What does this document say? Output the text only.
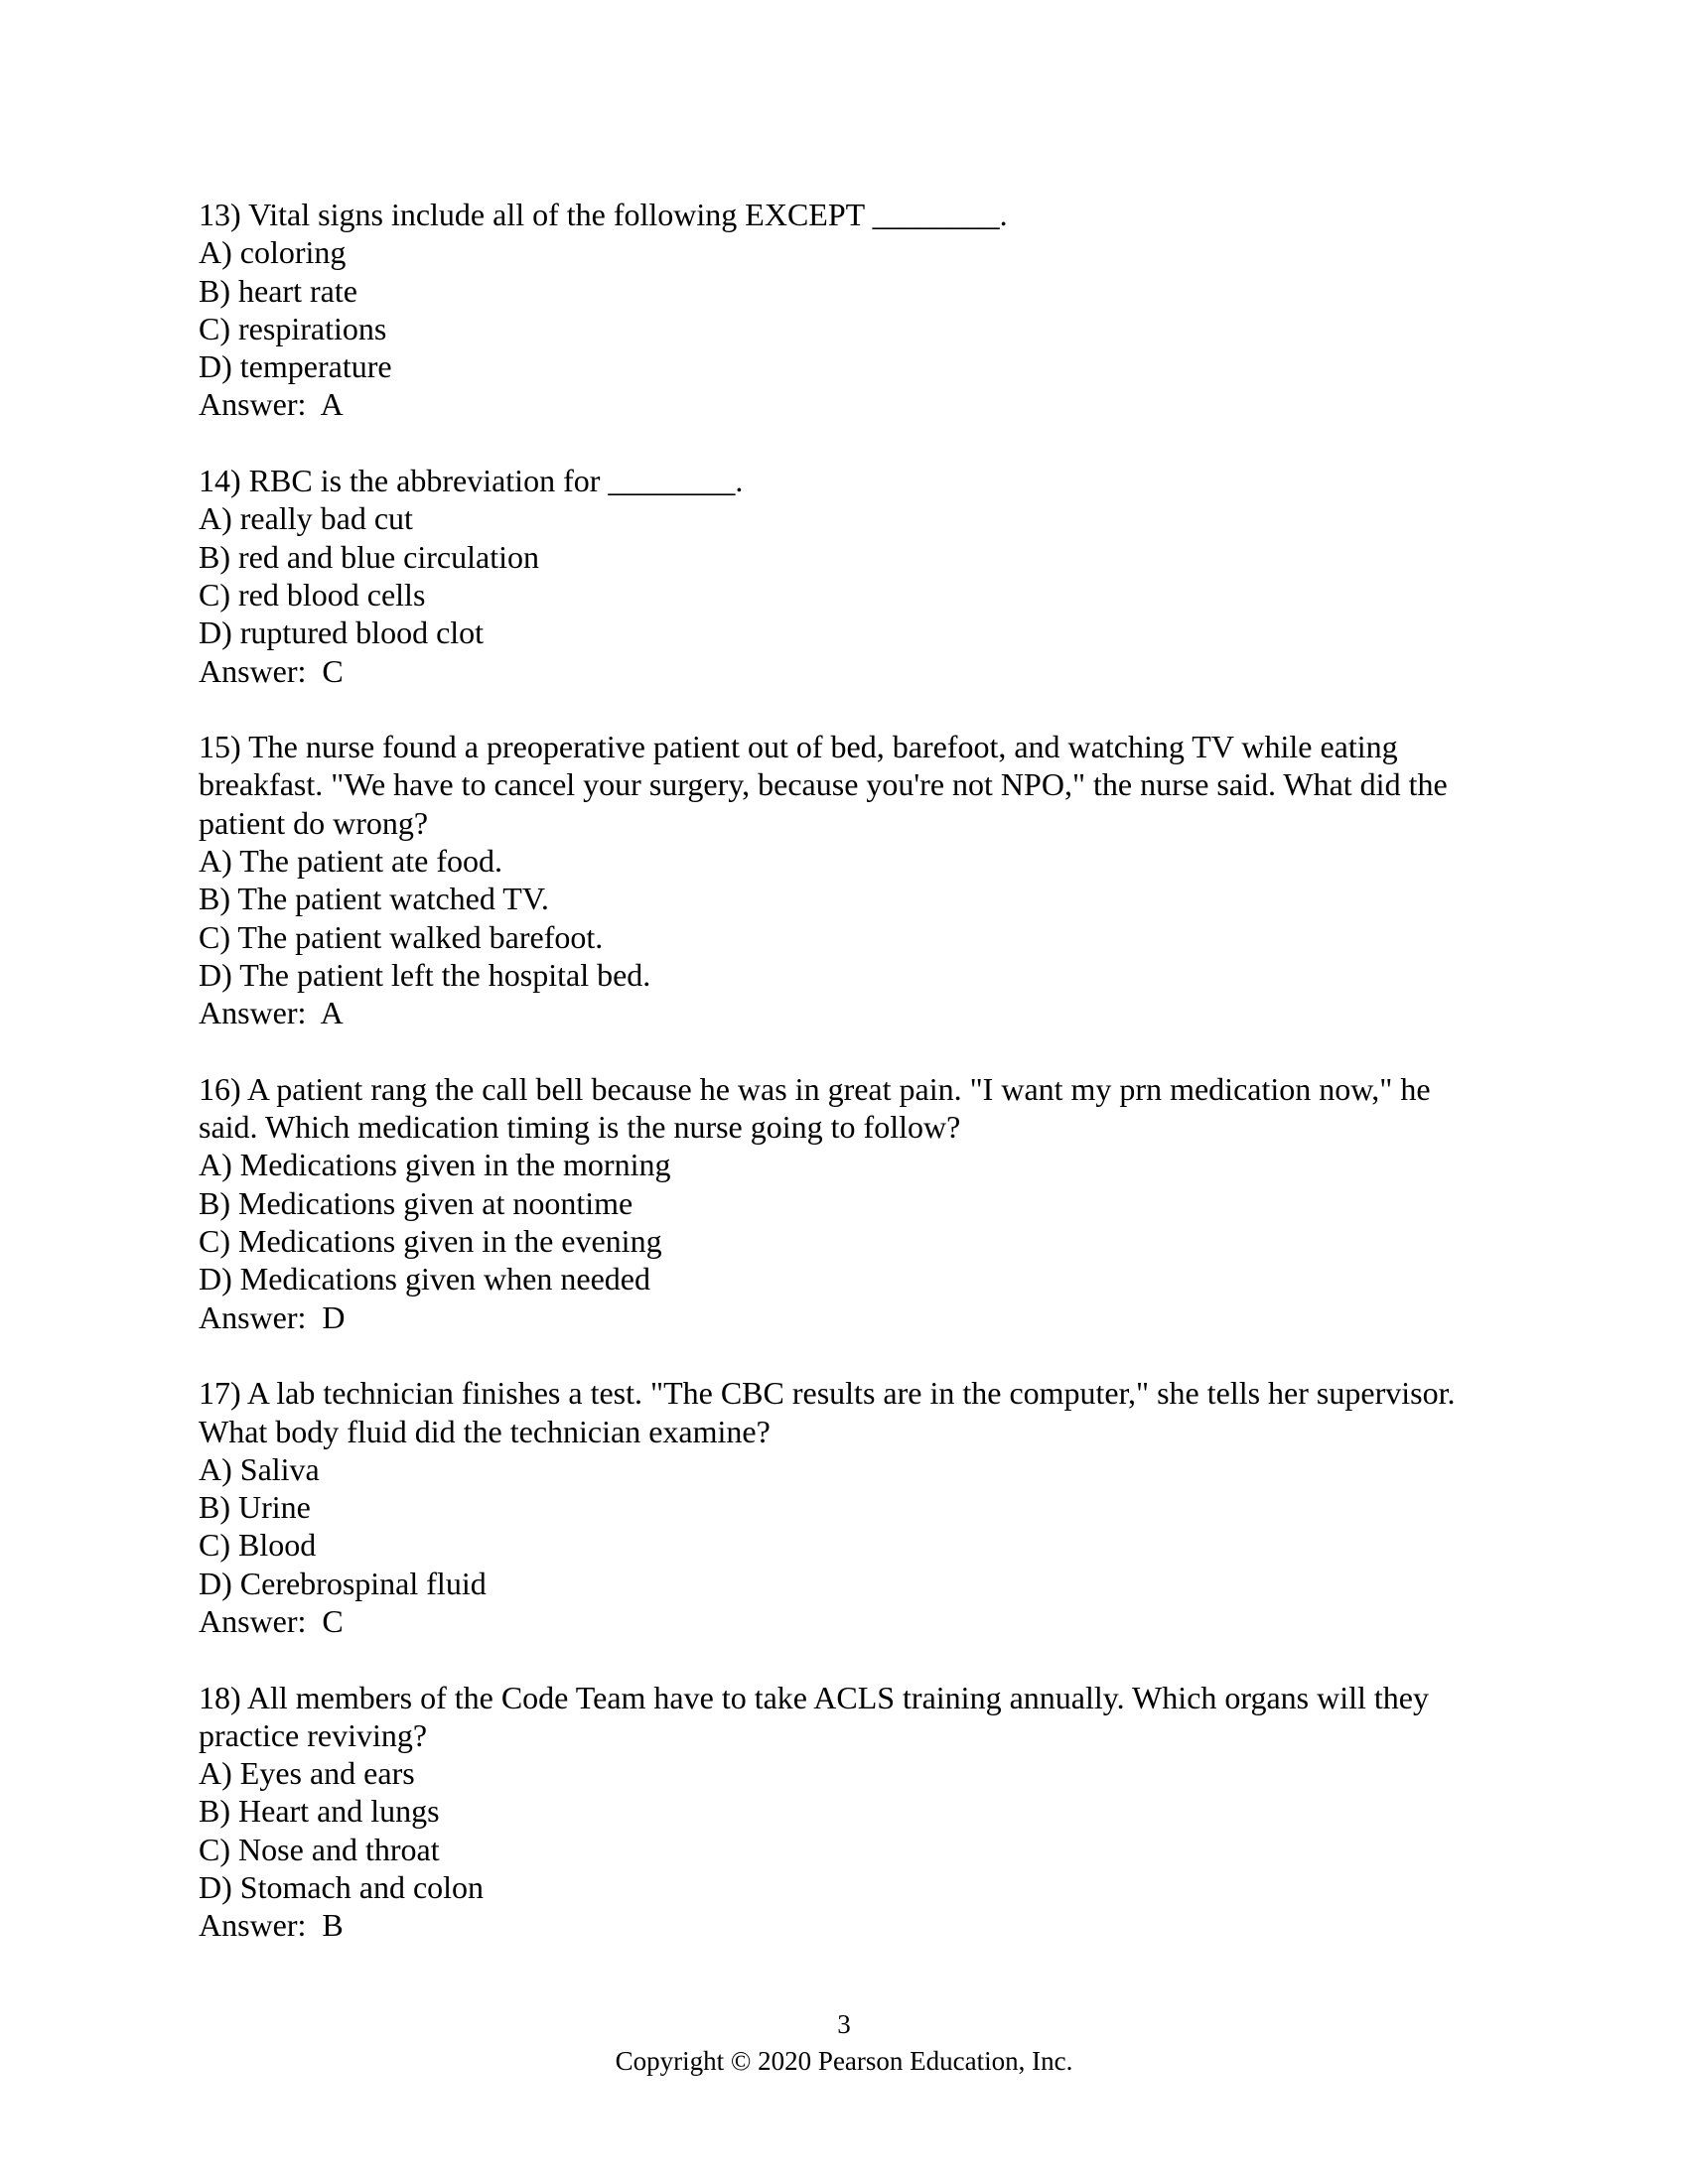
13) Vital signs include all of the following EXCEPT ________.
A) coloring
B) heart rate
C) respirations
D) temperature
Answer:  A
14) RBC is the abbreviation for ________.
A) really bad cut
B) red and blue circulation
C) red blood cells
D) ruptured blood clot
Answer:  C
15) The nurse found a preoperative patient out of bed, barefoot, and watching TV while eating breakfast. "We have to cancel your surgery, because you're not NPO," the nurse said. What did the patient do wrong?
A) The patient ate food.
B) The patient watched TV.
C) The patient walked barefoot.
D) The patient left the hospital bed.
Answer:  A
16) A patient rang the call bell because he was in great pain. "I want my prn medication now," he said. Which medication timing is the nurse going to follow?
A) Medications given in the morning
B) Medications given at noontime
C) Medications given in the evening
D) Medications given when needed
Answer:  D
17) A lab technician finishes a test. "The CBC results are in the computer," she tells her supervisor. What body fluid did the technician examine?
A) Saliva
B) Urine
C) Blood
D) Cerebrospinal fluid
Answer:  C
18) All members of the Code Team have to take ACLS training annually. Which organs will they practice reviving?
A) Eyes and ears
B) Heart and lungs
C) Nose and throat
D) Stomach and colon
Answer:  B
3
Copyright © 2020 Pearson Education, Inc.
